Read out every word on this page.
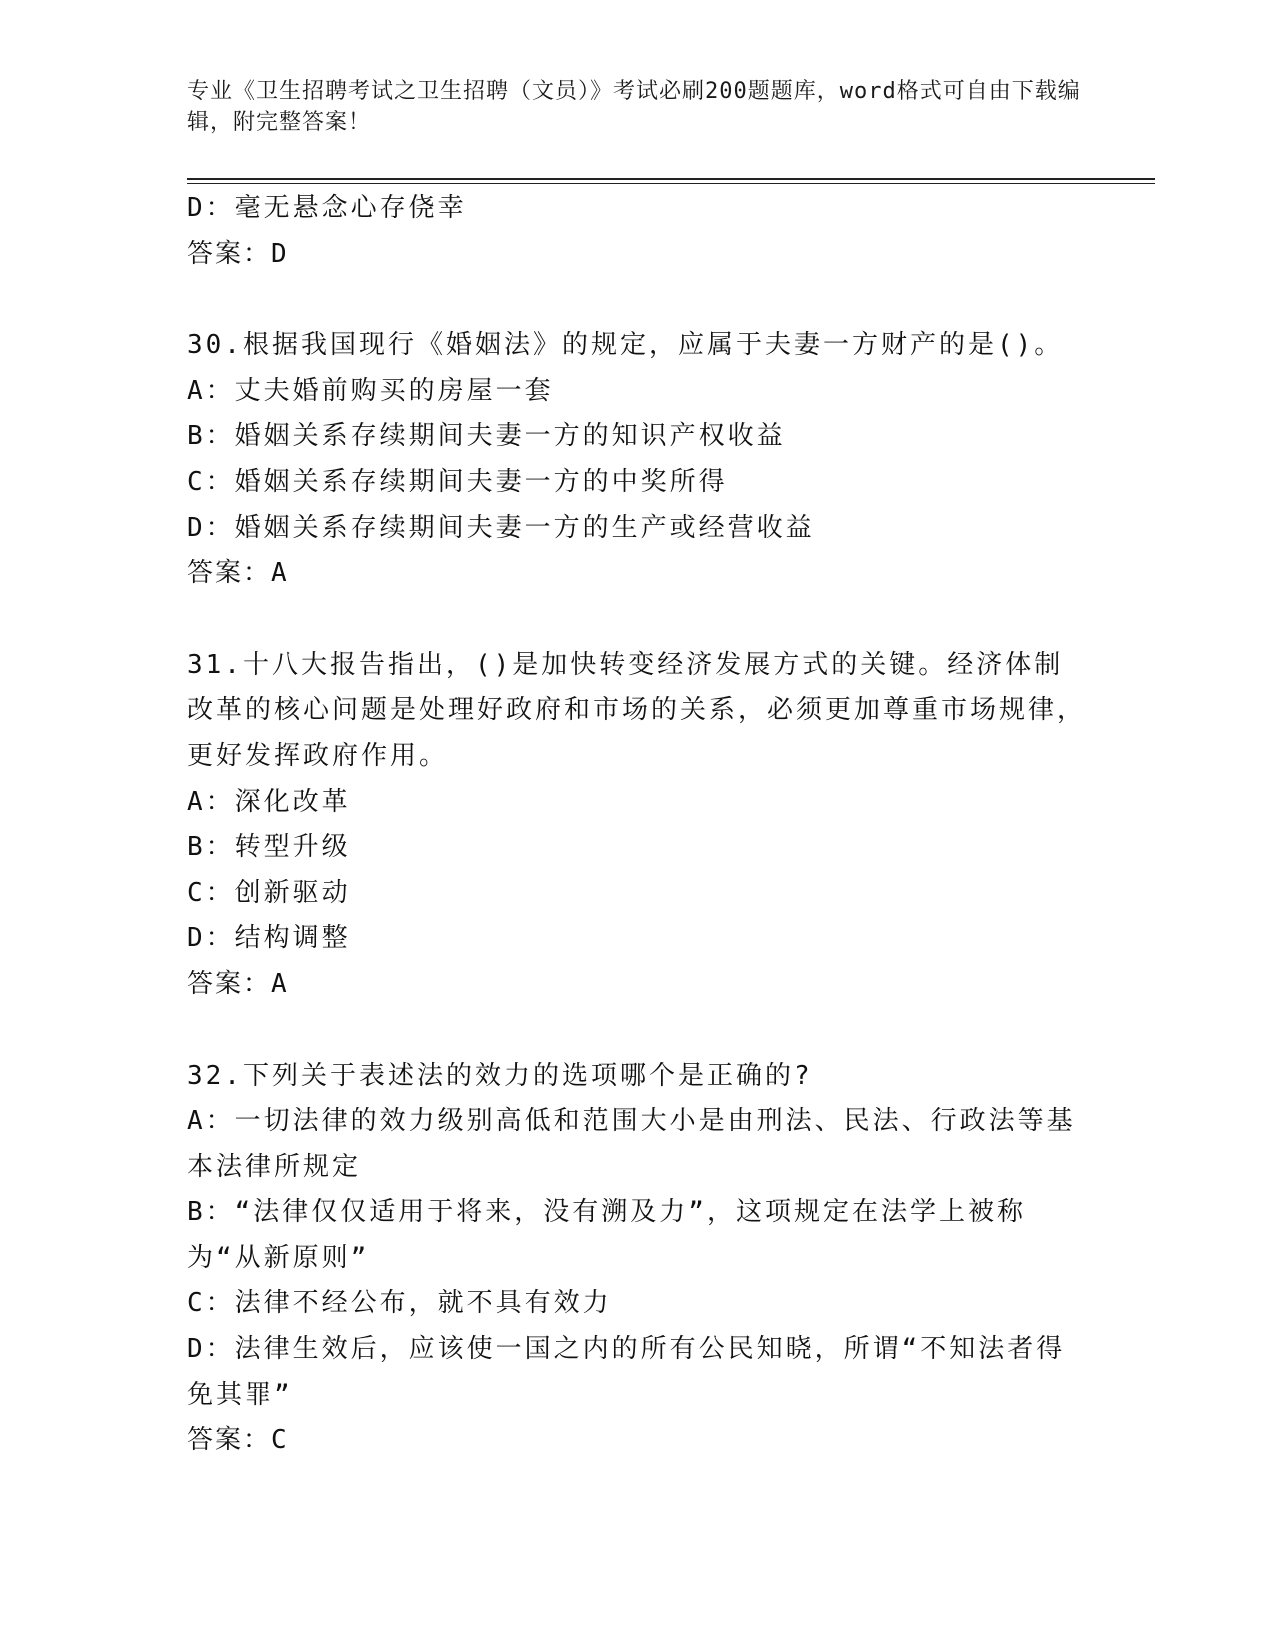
专业《卫生招聘考试之卫生招聘（文员）》考试必刷200题题库，word格式可自由下载编辑，附完整答案！
D：毫无悬念心存侥幸
答案：D
30.根据我国现行《婚姻法》的规定，应属于夫妻一方财产的是()。
A：丈夫婚前购买的房屋一套
B：婚姻关系存续期间夫妻一方的知识产权收益
C：婚姻关系存续期间夫妻一方的中奖所得
D：婚姻关系存续期间夫妻一方的生产或经营收益
答案：A
31.十八大报告指出，()是加快转变经济发展方式的关键。经济体制改革的核心问题是处理好政府和市场的关系，必须更加尊重市场规律，更好发挥政府作用。
A：深化改革
B：转型升级
C：创新驱动
D：结构调整
答案：A
32.下列关于表述法的效力的选项哪个是正确的?
A：一切法律的效力级别高低和范围大小是由刑法、民法、行政法等基本法律所规定
B：“法律仅仅适用于将来，没有溯及力”，这项规定在法学上被称为“从新原则”
C：法律不经公布，就不具有效力
D：法律生效后，应该使一国之内的所有公民知晓，所谓“不知法者得免其罪”
答案：C
